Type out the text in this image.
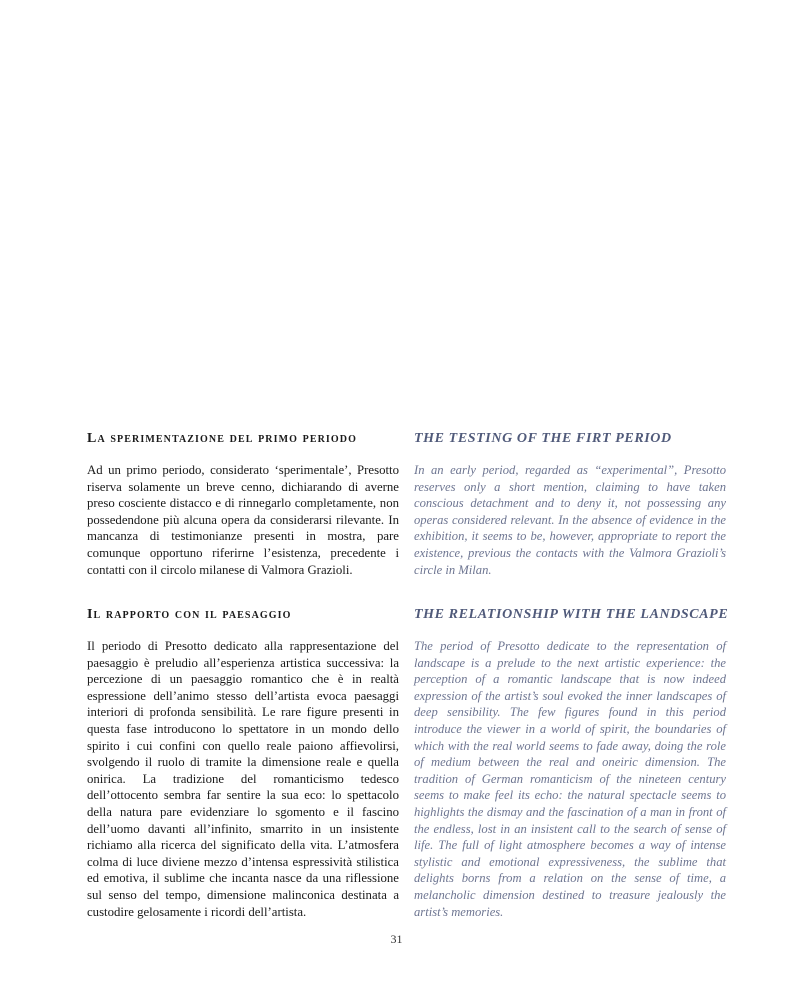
La sperimentazione del primo periodo	THE TESTING OF THE FIRT PERIOD

Ad un primo periodo, considerato ‘sperimentale’, Presotto riserva solamente un breve cenno, dichiarando di averne preso cosciente distacco e di rinnegarlo completamente, non possedendone più alcuna opera da considerarsi rilevante. In mancanza di testimonianze presenti in mostra, pare comunque opportuno riferirne l’esistenza, precedente i contatti con il circolo milanese di Valmora Grazioli.

In an early period, regarded as “experimental”, Presotto reserves only a short mention, claiming to have taken conscious detachment and to deny it, not possessing any operas considered relevant. In the absence of evidence in the exhibition, it seems to be, however, appropriate to report the existence, previous the contacts with the Valmora Grazioli’s circle in Milan.

Il rapporto con il paesaggio	THE RELATIONSHIP WITH THE LANDSCAPE

Il periodo di Presotto dedicato alla rappresentazione del paesaggio è preludio all’esperienza artistica successiva: la percezione di un paesaggio romantico che è in realtà espressione dell’animo stesso dell’artista evoca paesaggi interiori di profonda sensibilità. Le rare figure presenti in questa fase introducono lo spettatore in un mondo dello spirito i cui confini con quello reale paiono affievolirsi, svolgendo il ruolo di tramite la dimensione reale e quella onirica. La tradizione del romanticismo tedesco dell’ottocento sembra far sentire la sua eco: lo spettacolo della natura pare evidenziare lo sgomento e il fascino dell’uomo davanti all’infinito, smarrito in un insistente richiamo alla ricerca del significato della vita. L’atmosfera colma di luce diviene mezzo d’intensa espressività stilistica ed emotiva, il sublime che incanta nasce da una riflessione sul senso del tempo, dimensione malinconica destinata a custodire gelosamente i ricordi dell’artista.

The period of Presotto dedicate to the representation of landscape is a prelude to the next artistic experience: the perception of a romantic landscape that is now indeed expression of the artist’s soul evoked the inner landscapes of deep sensibility. The few figures found in this period introduce the viewer in a world of spirit, the boundaries of which with the real world seems to fade away, doing the role of medium between the real and oneiric dimension. The tradition of German romanticism of the nineteen century seems to make feel its echo: the natural spectacle seems to highlights the dismay and the fascination of a man in front of the endless, lost in an insistent call to the search of sense of life. The full of light atmosphere becomes a way of intense stylistic and emotional expressiveness, the sublime that delights borns from a relation on the sense of time, a melancholic dimension destined to treasure jealously the artist’s memories.

31
